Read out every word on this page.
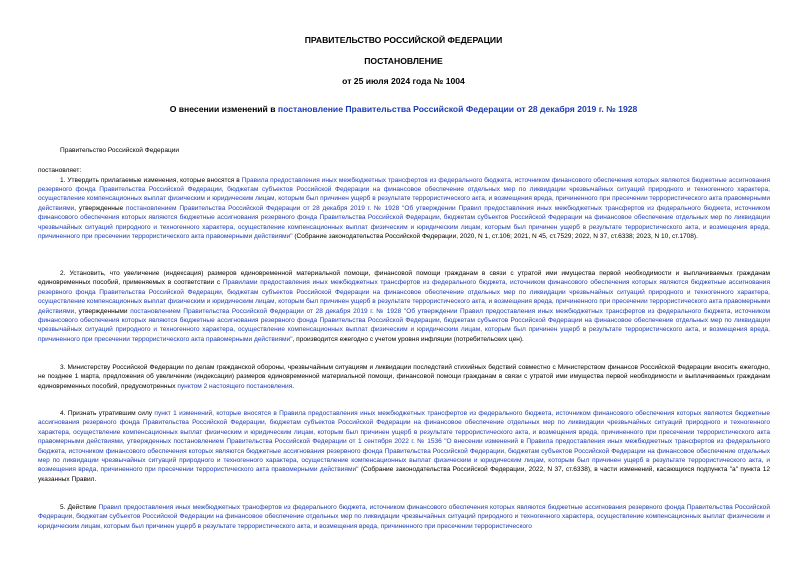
ПРАВИТЕЛЬСТВО РОССИЙСКОЙ ФЕДЕРАЦИИ
ПОСТАНОВЛЕНИЕ
от 25 июля 2024 года № 1004
О внесении изменений в постановление Правительства Российской Федерации от 28 декабря 2019 г. № 1928

Правительство Российской Федерации

постановляет:

1. Утвердить прилагаемые изменения, которые вносятся в Правила предоставления иных межбюджетных трансфертов из федерального бюджета, источником финансового обеспечения которых являются бюджетные ассигнования резервного фонда Правительства Российской Федерации, бюджетам субъектов Российской Федерации на финансовое обеспечение отдельных мер по ликвидации чрезвычайных ситуаций природного и техногенного характера, осуществление компенсационных выплат физическим и юридическим лицам, которым был причинен ущерб в результате террористического акта, и возмещения вреда, причиненного при пресечении террористического акта правомерными действиями, утвержденные постановлением Правительства Российской Федерации от 28 декабря 2019 г. № 1928 "Об утверждении Правил предоставления иных межбюджетных трансфертов из федерального бюджета, источником финансового обеспечения которых являются бюджетные ассигнования резервного фонда Правительства Российской Федерации, бюджетам субъектов Российской Федерации на финансовое обеспечение отдельных мер по ликвидации чрезвычайных ситуаций природного и техногенного характера, осуществление компенсационных выплат физическим и юридическим лицам, которым был причинен ущерб в результате террористического акта, и возмещения вреда, причиненного при пресечении террористического акта правомерными действиями" (Собрание законодательства Российской Федерации, 2020, N 1, ст.106; 2021, N 45, ст.7529; 2022, N 37, ст.6338; 2023, N 10, ст.1708).

2. Установить, что увеличение (индексация) размеров единовременной материальной помощи, финансовой помощи гражданам в связи с утратой ими имущества первой необходимости и выплачиваемых гражданам единовременных пособий, применяемых в соответствии с Правилами предоставления иных межбюджетных трансфертов из федерального бюджета, источником финансового обеспечения которых являются бюджетные ассигнования резервного фонда Правительства Российской Федерации, бюджетам субъектов Российской Федерации на финансовое обеспечение отдельных мер по ликвидации чрезвычайных ситуаций природного и техногенного характера, осуществление компенсационных выплат физическим и юридическим лицам, которым был причинен ущерб в результате террористического акта, и возмещения вреда, причиненного при пресечении террористического акта правомерными действиями, утвержденными постановлением Правительства Российской Федерации от 28 декабря 2019 г. № 1928 "Об утверждении Правил предоставления иных межбюджетных трансфертов из федерального бюджета, источником финансового обеспечения которых являются бюджетные ассигнования резервного фонда Правительства Российской Федерации, бюджетам субъектов Российской Федерации на финансовое обеспечение отдельных мер по ликвидации чрезвычайных ситуаций природного и техногенного характера, осуществление компенсационных выплат физическим и юридическим лицам, которым был причинен ущерб в результате террористического акта, и возмещения вреда, причиненного при пресечении террористического акта правомерными действиями", производится ежегодно с учетом уровня инфляции (потребительских цен).

3. Министерству Российской Федерации по делам гражданской обороны, чрезвычайным ситуациям и ликвидации последствий стихийных бедствий совместно с Министерством финансов Российской Федерации вносить ежегодно, не позднее 1 марта, предложения об увеличении (индексации) размеров единовременной материальной помощи, финансовой помощи гражданам в связи с утратой ими имущества первой необходимости и выплачиваемых гражданам единовременных пособий, предусмотренных пунктом 2 настоящего постановления.

4. Признать утратившим силу пункт 1 изменений, которые вносятся в Правила предоставления иных межбюджетных трансфертов из федерального бюджета, источником финансового обеспечения которых являются бюджетные ассигнования резервного фонда Правительства Российской Федерации, бюджетам субъектов Российской Федерации на финансовое обеспечение отдельных мер по ликвидации чрезвычайных ситуаций природного и техногенного характера, осуществление компенсационных выплат физическим и юридическим лицам, которым был причинен ущерб в результате террористического акта, и возмещения вреда, причиненного при пресечении террористического акта правомерными действиями, утвержденных постановлением Правительства Российской Федерации от 1 сентября 2022 г. № 1536 "О внесении изменений в Правила предоставления иных межбюджетных трансфертов из федерального бюджета, источником финансового обеспечения которых являются бюджетные ассигнования резервного фонда Правительства Российской Федерации, бюджетам субъектов Российской Федерации на финансовое обеспечение отдельных мер по ликвидации чрезвычайных ситуаций природного и техногенного характера, осуществление компенсационных выплат физическим и юридическим лицам, которым был причинен ущерб в результате террористического акта, и возмещения вреда, причиненного при пресечении террористического акта правомерными действиями" (Собрание законодательства Российской Федерации, 2022, N 37, ст.6338), в части изменений, касающихся подпункта "а" пункта 12 указанных Правил.

5. Действие Правил предоставления иных межбюджетных трансфертов из федерального бюджета, источником финансового обеспечения которых являются бюджетные ассигнования резервного фонда Правительства Российской Федерации, бюджетам субъектов Российской Федерации на финансовое обеспечение отдельных мер по ликвидации чрезвычайных ситуаций природного и техногенного характера, осуществление компенсационных выплат физическим и юридическим лицам, которым был причинен ущерб в результате террористического акта, и возмещения вреда, причиненного при пресечении террористического
